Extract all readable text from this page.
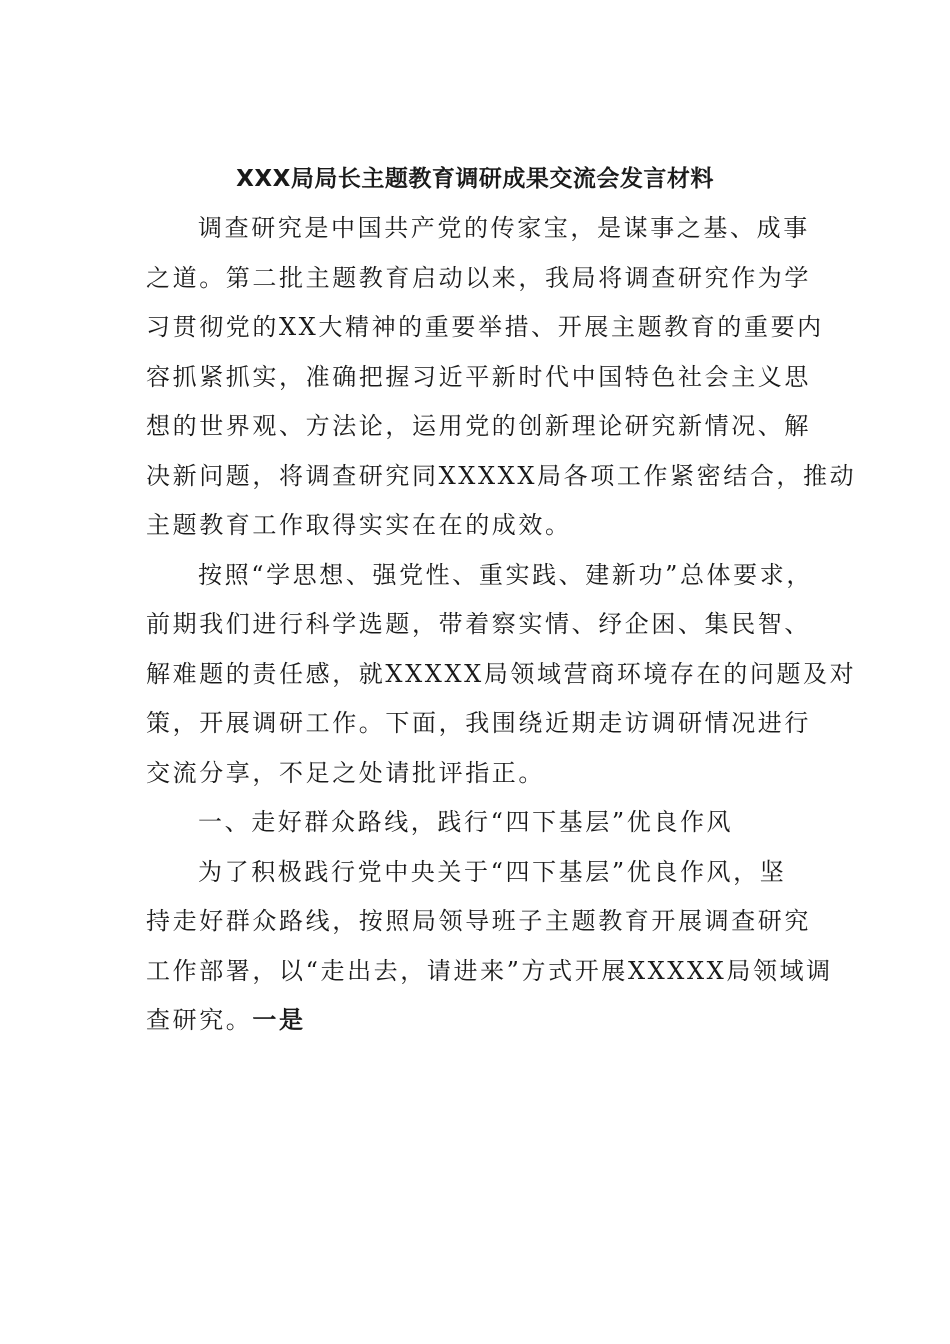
XXX局局长主题教育调研成果交流会发言材料
调查研究是中国共产党的传家宝，是谋事之基、成事
之道。第二批主题教育启动以来，我局将调查研究作为学
习贯彻党的XX大精神的重要举措、开展主题教育的重要内
容抓紧抓实，准确把握习近平新时代中国特色社会主义思
想的世界观、方法论，运用党的创新理论研究新情况、解
决新问题，将调查研究同XXXXX局各项工作紧密结合，推动
主题教育工作取得实实在在的成效。
按照“学思想、强党性、重实践、建新功”总体要求，
前期我们进行科学选题，带着察实情、纾企困、集民智、
解难题的责任感，就XXXXX局领域营商环境存在的问题及对
策，开展调研工作。下面，我围绕近期走访调研情况进行
交流分享，不足之处请批评指正。
一、走好群众路线，践行“四下基层”优良作风
为了积极践行党中央关于“四下基层”优良作风，坚
持走好群众路线，按照局领导班子主题教育开展调查研究
工作部署，以“走出去，请进来”方式开展XXXXX局领域调
查研究。一是
